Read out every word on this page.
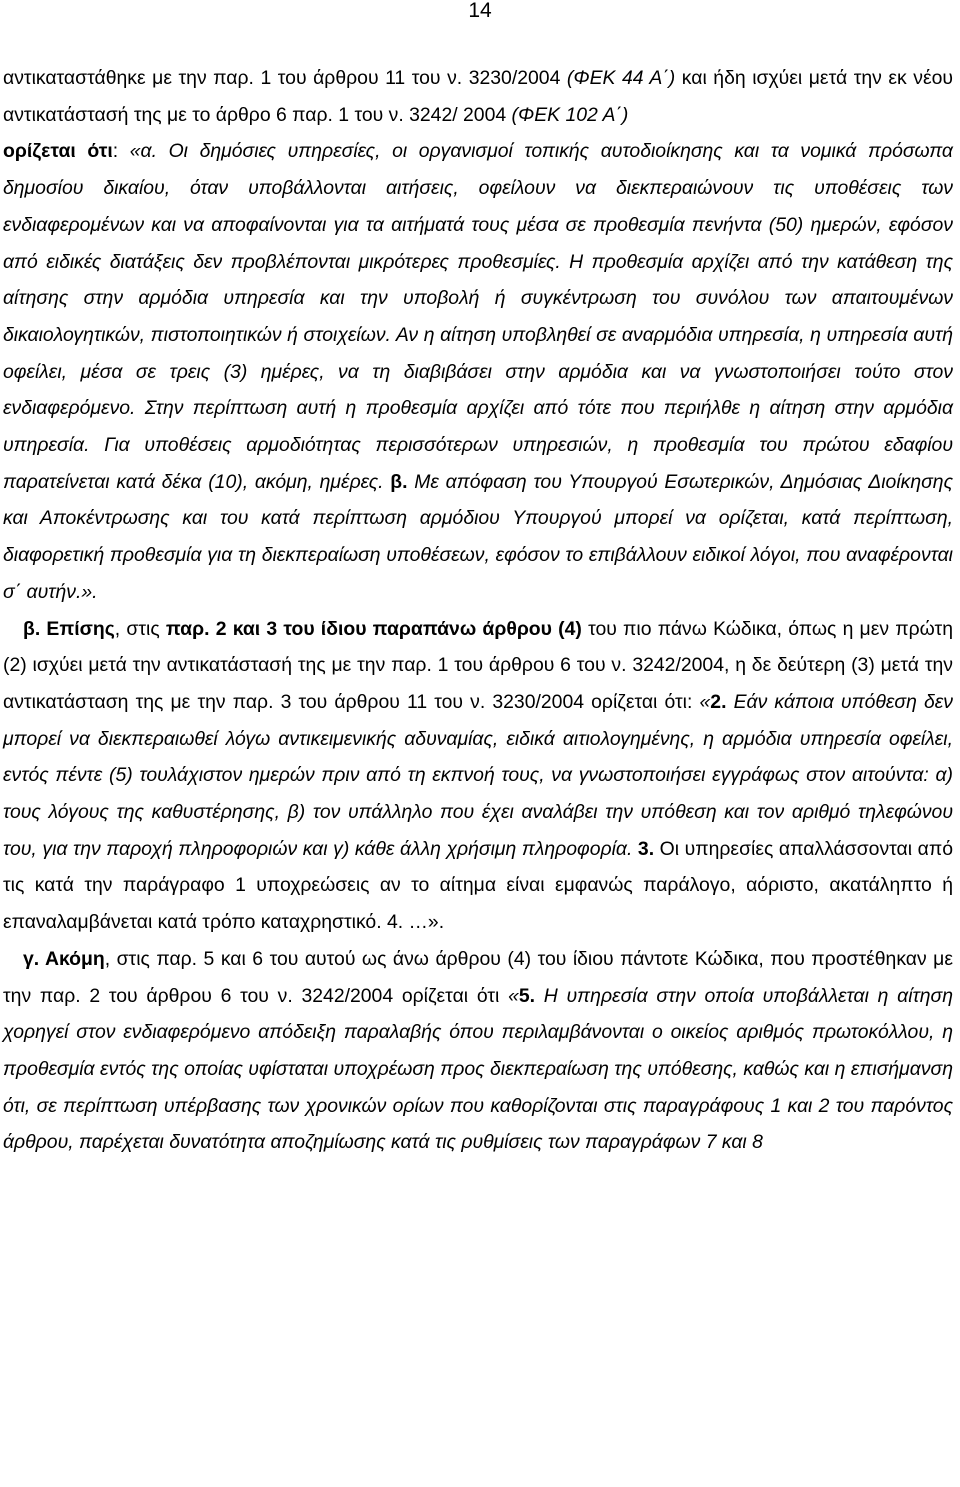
14

αντικαταστάθηκε με την παρ. 1 του άρθρου 11 του ν. 3230/2004 (ΦΕΚ 44 Α΄) και ήδη ισχύει μετά την εκ νέου αντικατάστασή της με το άρθρο 6 παρ. 1 του ν. 3242/ 2004 (ΦΕΚ 102 Α΄)
ορίζεται ότι: «α. Οι δημόσιες υπηρεσίες, οι οργανισμοί τοπικής αυτοδιοίκησης και τα νομικά πρόσωπα δημοσίου δικαίου, όταν υποβάλλονται αιτήσεις, οφείλουν να διεκπεραιώνουν τις υποθέσεις των ενδιαφερομένων και να αποφαίνονται για τα αιτήματά τους μέσα σε προθεσμία πενήντα (50) ημερών, εφόσον από ειδικές διατάξεις δεν προβλέπονται μικρότερες προθεσμίες. Η προθεσμία αρχίζει από την κατάθεση της αίτησης στην αρμόδια υπηρεσία και την υποβολή ή συγκέντρωση του συνόλου των απαιτουμένων δικαιολογητικών, πιστοποιητικών ή στοιχείων. Αν η αίτηση υποβληθεί σε αναρμόδια υπηρεσία, η υπηρεσία αυτή οφείλει, μέσα σε τρεις (3) ημέρες, να τη διαβιβάσει στην αρμόδια και να γνωστοποιήσει τούτο στον ενδιαφερόμενο. Στην περίπτωση αυτή η προθεσμία αρχίζει από τότε που περιήλθε η αίτηση στην αρμόδια υπηρεσία. Για υποθέσεις αρμοδιότητας περισσότερων υπηρεσιών, η προθεσμία του πρώτου εδαφίου παρατείνεται κατά δέκα (10), ακόμη, ημέρες. β. Με απόφαση του Υπουργού Εσωτερικών, Δημόσιας Διοίκησης και Αποκέντρωσης και του κατά περίπτωση αρμόδιου Υπουργού μπορεί να ορίζεται, κατά περίπτωση, διαφορετική προθεσμία για τη διεκπεραίωση υποθέσεων, εφόσον το επιβάλλουν ειδικοί λόγοι, που αναφέρονται σ΄ αυτήν.».

β. Επίσης, στις παρ. 2 και 3 του ίδιου παραπάνω άρθρου (4) του πιο πάνω Κώδικα, όπως η μεν πρώτη (2) ισχύει μετά την αντικατάστασή της με την παρ. 1 του άρθρου 6 του ν. 3242/2004, η δε δεύτερη (3) μετά την αντικατάσταση της με την παρ. 3 του άρθρου 11 του ν. 3230/2004 ορίζεται ότι: «2. Εάν κάποια υπόθεση δεν μπορεί να διεκπεραιωθεί λόγω αντικειμενικής αδυναμίας, ειδικά αιτιολογημένης, η αρμόδια υπηρεσία οφείλει, εντός πέντε (5) τουλάχιστον ημερών πριν από τη εκπνοή τους, να γνωστοποιήσει εγγράφως στον αιτούντα: α) τους λόγους της καθυστέρησης, β) τον υπάλληλο που έχει αναλάβει την υπόθεση και τον αριθμό τηλεφώνου του, για την παροχή πληροφοριών και γ) κάθε άλλη χρήσιμη πληροφορία. 3. Οι υπηρεσίες απαλλάσσονται από τις κατά την παράγραφο 1 υποχρεώσεις αν το αίτημα είναι εμφανώς παράλογο, αόριστο, ακατάληπτο ή επαναλαμβάνεται κατά τρόπο καταχρηστικό. 4. …».

γ. Ακόμη, στις παρ. 5 και 6 του αυτού ως άνω άρθρου (4) του ίδιου πάντοτε Κώδικα, που προστέθηκαν με την παρ. 2 του άρθρου 6 του ν. 3242/2004 ορίζεται ότι «5. Η υπηρεσία στην οποία υποβάλλεται η αίτηση χορηγεί στον ενδιαφερόμενο απόδειξη παραλαβής όπου περιλαμβάνονται ο οικείος αριθμός πρωτοκόλλου, η προθεσμία εντός της οποίας υφίσταται υποχρέωση προς διεκπεραίωση της υπόθεσης, καθώς και η επισήμανση ότι, σε περίπτωση υπέρβασης των χρονικών ορίων που καθορίζονται στις παραγράφους 1 και 2 του παρόντος άρθρου, παρέχεται δυνατότητα αποζημίωσης κατά τις ρυθμίσεις των παραγράφων 7 και 8
